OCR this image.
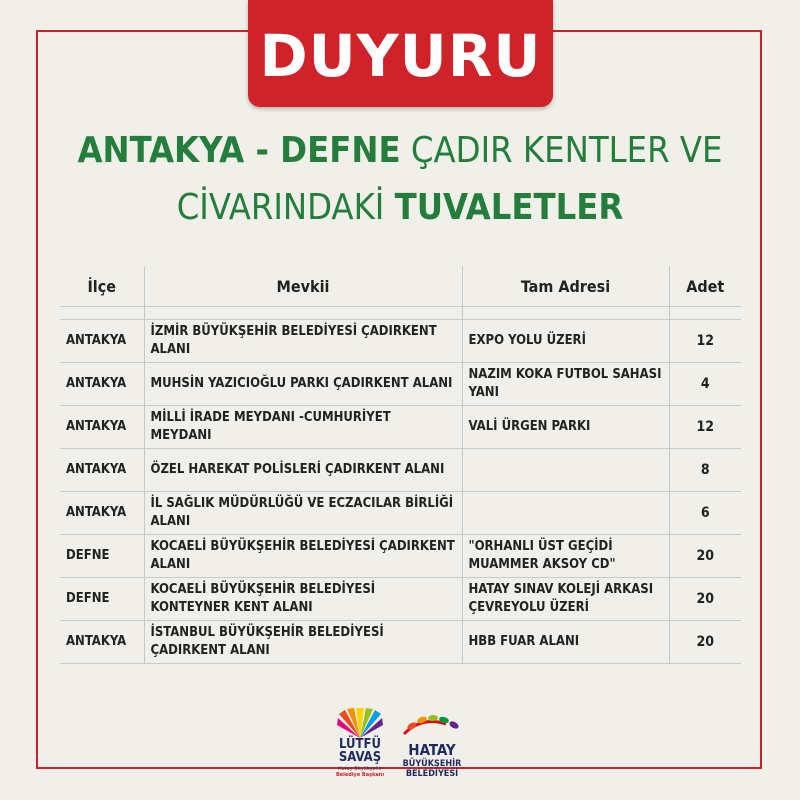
DUYURU
ANTAKYA - DEFNE ÇADIR KENTLER VE
CİVARINDAKİ TUVALETLER
İlçe	Mevkii	Tam Adresi	Adet

ANTAKYA	İZMİR BÜYÜKŞEHİR BELEDİYESİ ÇADIRKENT ALANI	EXPO YOLU ÜZERİ	12
ANTAKYA	MUHSİN YAZICIOĞLU PARKI ÇADIRKENT ALANI	NAZIM KOKA FUTBOL SAHASI YANI	4
ANTAKYA	MİLLİ İRADE MEYDANI -CUMHURİYET MEYDANI	VALİ ÜRGEN PARKI	12
ANTAKYA	ÖZEL HAREKAT POLİSLERİ ÇADIRKENT ALANI		8
ANTAKYA	İL SAĞLIK MÜDÜRLÜĞÜ VE ECZACILAR BİRLİĞİ ALANI		6
DEFNE	KOCAELİ BÜYÜKŞEHİR BELEDİYESİ ÇADIRKENT ALANI	"ORHANLI ÜST GEÇİDİ MUAMMER AKSOY CD"	20
DEFNE	KOCAELİ BÜYÜKŞEHİR BELEDİYESİ KONTEYNER KENT ALANI	HATAY SINAV KOLEJİ ARKASI ÇEVREYOLU ÜZERİ	20
ANTAKYA	İSTANBUL BÜYÜKŞEHİR BELEDİYESİ ÇADIRKENT ALANI	HBB FUAR ALANI	20
LÜTFÜ
SAVAŞ
Hatay Büyükşehir
Belediye Başkanı
HATAY
BÜYÜKŞEHİR
BELEDİYESİ
